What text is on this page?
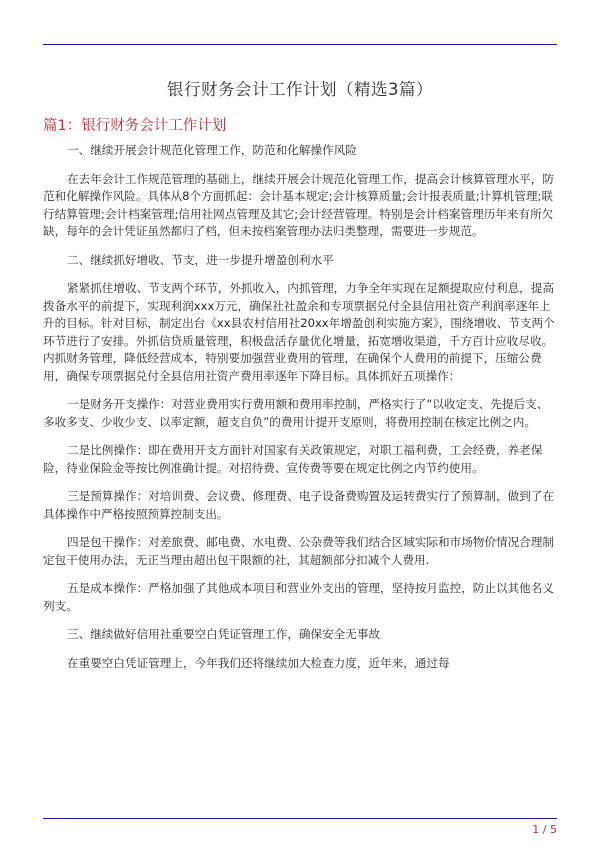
银行财务会计工作计划（精选3篇）
篇1：银行财务会计工作计划

一、继续开展会计规范化管理工作，防范和化解操作风险

在去年会计工作规范管理的基础上，继续开展会计规范化管理工作，提高会计核算管理水平，防范和化解操作风险。具体从8个方面抓起：会计基本规定;会计核算质量;会计报表质量;计算机管理;联行结算管理;会计档案管理;信用社网点管理及其它;会计经营管理。特别是会计档案管理历年来有所欠缺，每年的会计凭证虽然都归了档，但未按档案管理办法归类整理，需要进一步规范。

二、继续抓好增收、节支，进一步提升增盈创利水平

紧紧抓住增收、节支两个环节，外抓收入，内抓管理，力争全年实现在足额提取应付利息，提高拨备水平的前提下，实现利润xxx万元，确保社社盈余和专项票据兑付全县信用社资产利润率逐年上升的目标。针对目标，制定出台《xx县农村信用社20xx年增盈创利实施方案》，围绕增收、节支两个环节进行了安排。外抓信贷质量管理，积极盘活存量优化增量，拓宽增收渠道，千方百计应收尽收。内抓财务管理，降低经营成本，特别要加强营业费用的管理，在确保个人费用的前提下，压缩公费用，确保专项票据兑付全县信用社资产费用率逐年下降目标。具体抓好五项操作：

一是财务开支操作：对营业费用实行费用额和费用率控制，严格实行了“以收定支、先提后支、多收多支、少收少支、以率定额，超支自负”的费用计提开支原则，将费用控制在核定比例之内。

二是比例操作：即在费用开支方面针对国家有关政策规定，对职工福利费，工会经费，养老保险，待业保险金等按比例准确计提。对招待费、宣传费等要在规定比例之内节约使用。

三是预算操作：对培训费、会议费、修理费、电子设备费购置及运转费实行了预算制，做到了在具体操作中严格按照预算控制支出。

四是包干操作：对差旅费、邮电费、水电费、公杂费等我们结合区域实际和市场物价情况合理制定包干使用办法，无正当理由超出包干限额的社，其超额部分扣减个人费用.

五是成本操作：严格加强了其他成本项目和营业外支出的管理，坚持按月监控，防止以其他名义列支。

三、继续做好信用社重要空白凭证管理工作，确保安全无事故

在重要空白凭证管理上，今年我们还将继续加大检查力度，近年来，通过每

1 / 5
